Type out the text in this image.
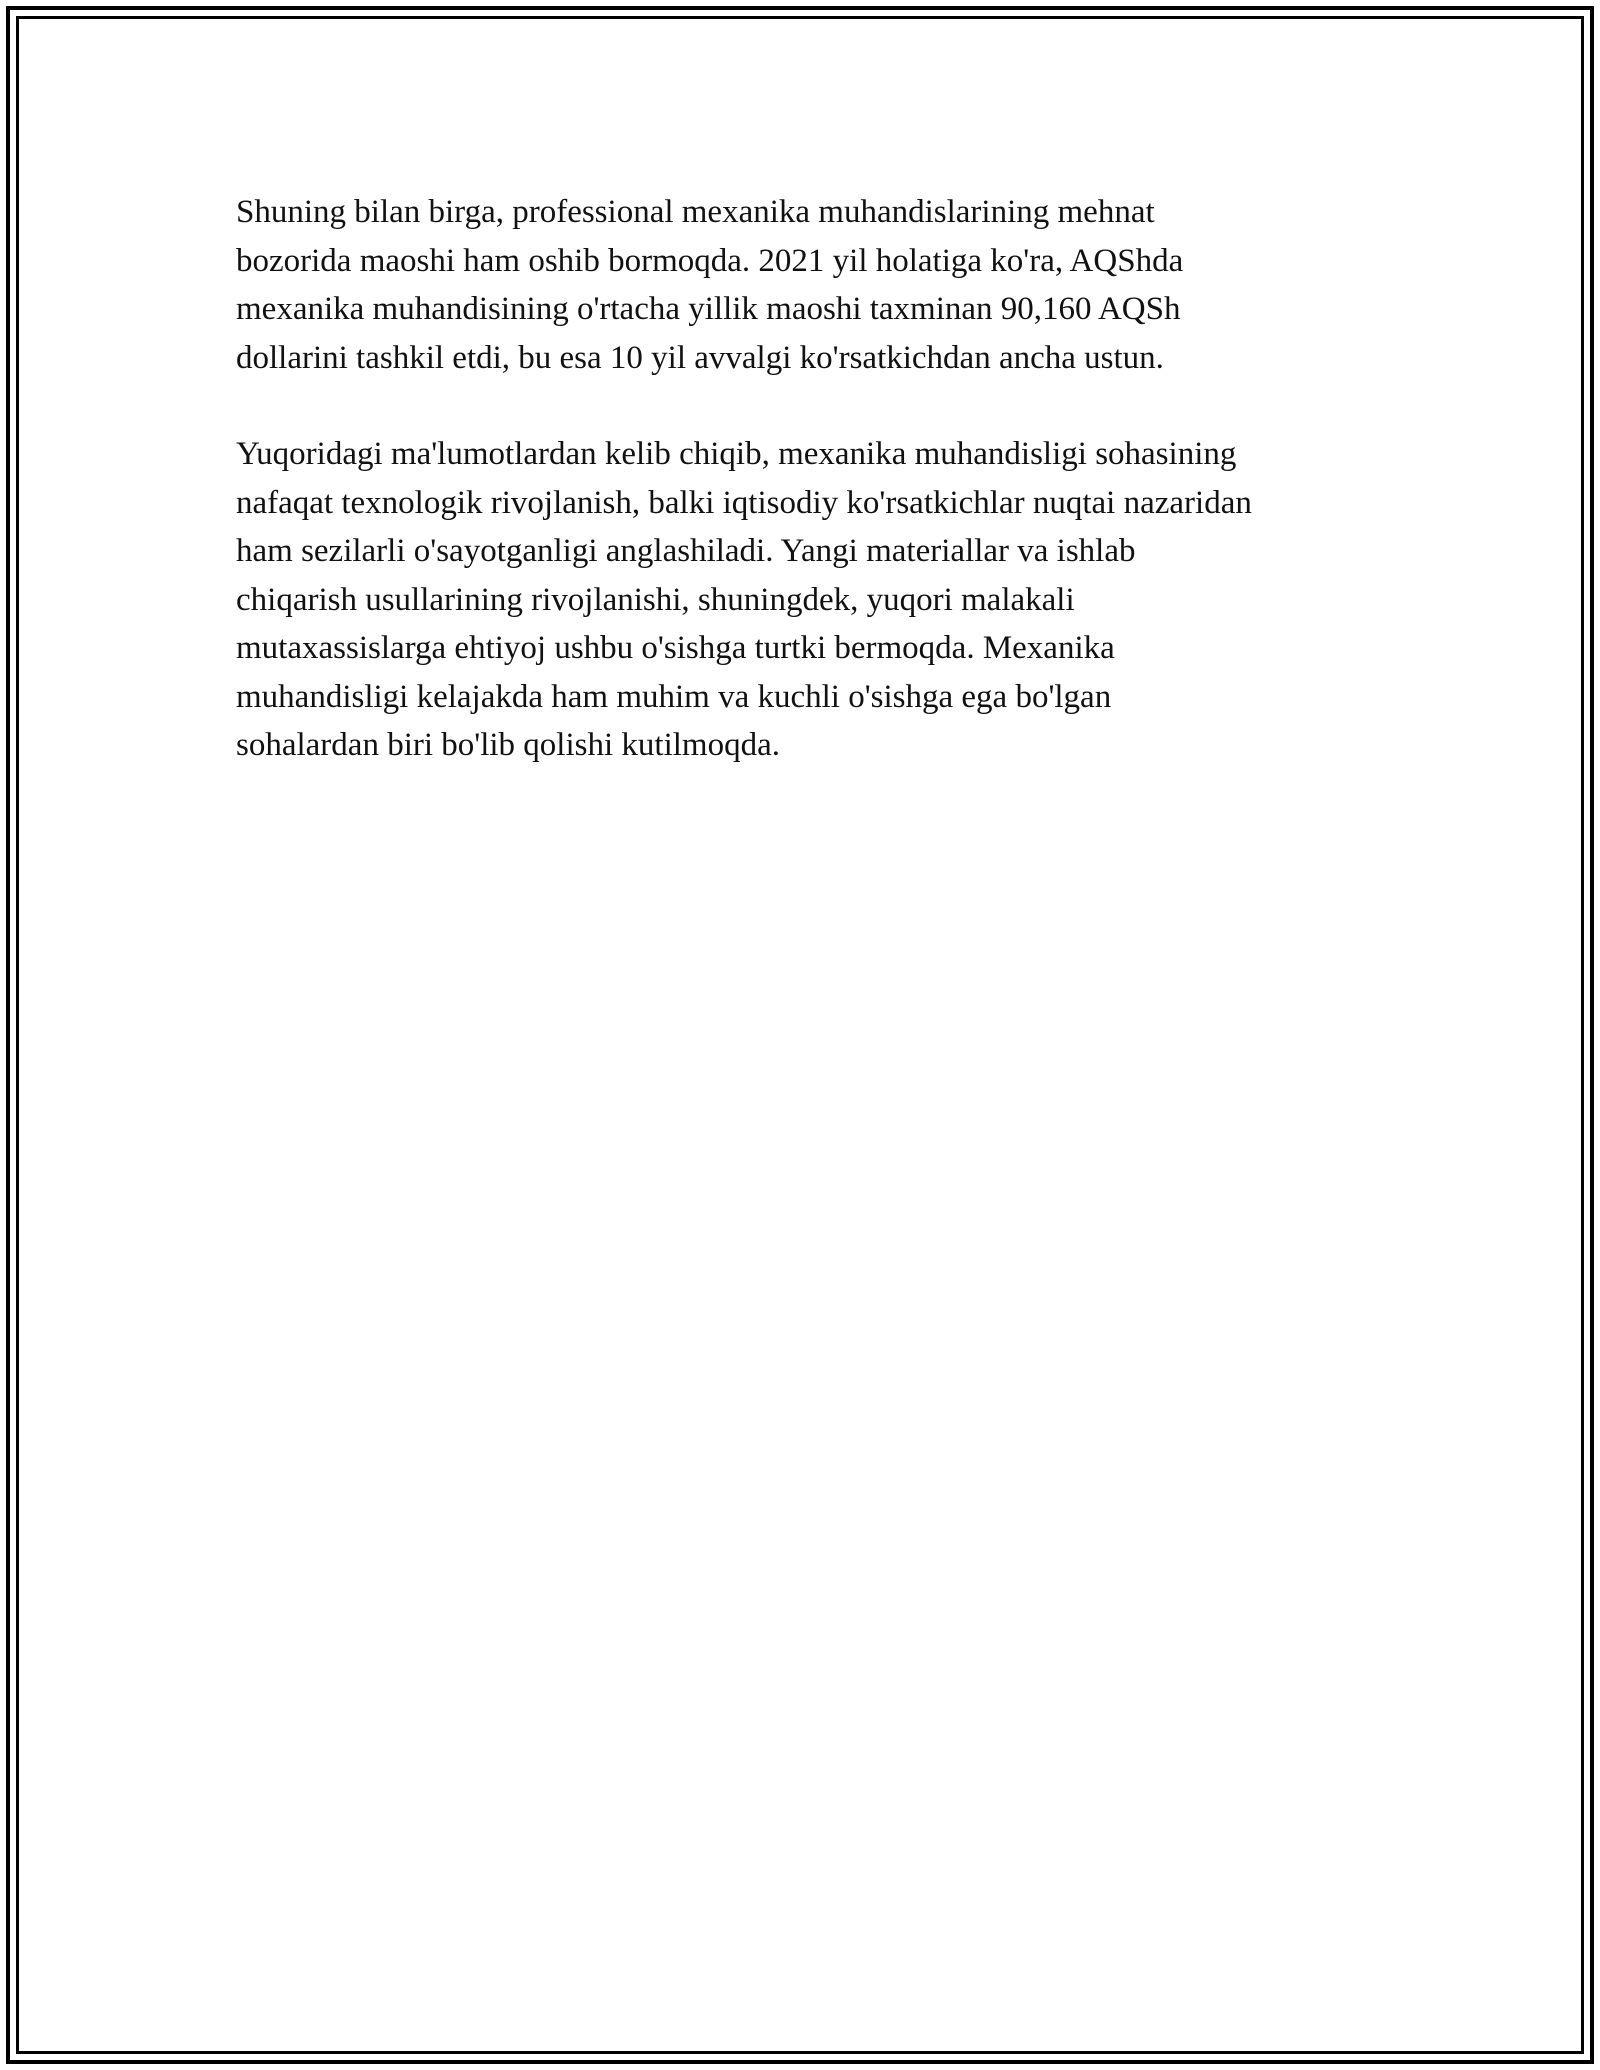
Shuning bilan birga, professional mexanika muhandislarining mehnat
bozorida maoshi ham oshib bormoqda. 2021 yil holatiga ko'ra, AQShda
mexanika muhandisining o'rtacha yillik maoshi taxminan 90,160 AQSh
dollarini tashkil etdi, bu esa 10 yil avvalgi ko'rsatkichdan ancha ustun.

Yuqoridagi ma'lumotlardan kelib chiqib, mexanika muhandisligi sohasining
nafaqat texnologik rivojlanish, balki iqtisodiy ko'rsatkichlar nuqtai nazaridan
ham sezilarli o'sayotganligi anglashiladi. Yangi materiallar va ishlab
chiqarish usullarining rivojlanishi, shuningdek, yuqori malakali
mutaxassislarga ehtiyoj ushbu o'sishga turtki bermoqda. Mexanika
muhandisligi kelajakda ham muhim va kuchli o'sishga ega bo'lgan
sohalardan biri bo'lib qolishi kutilmoqda.
